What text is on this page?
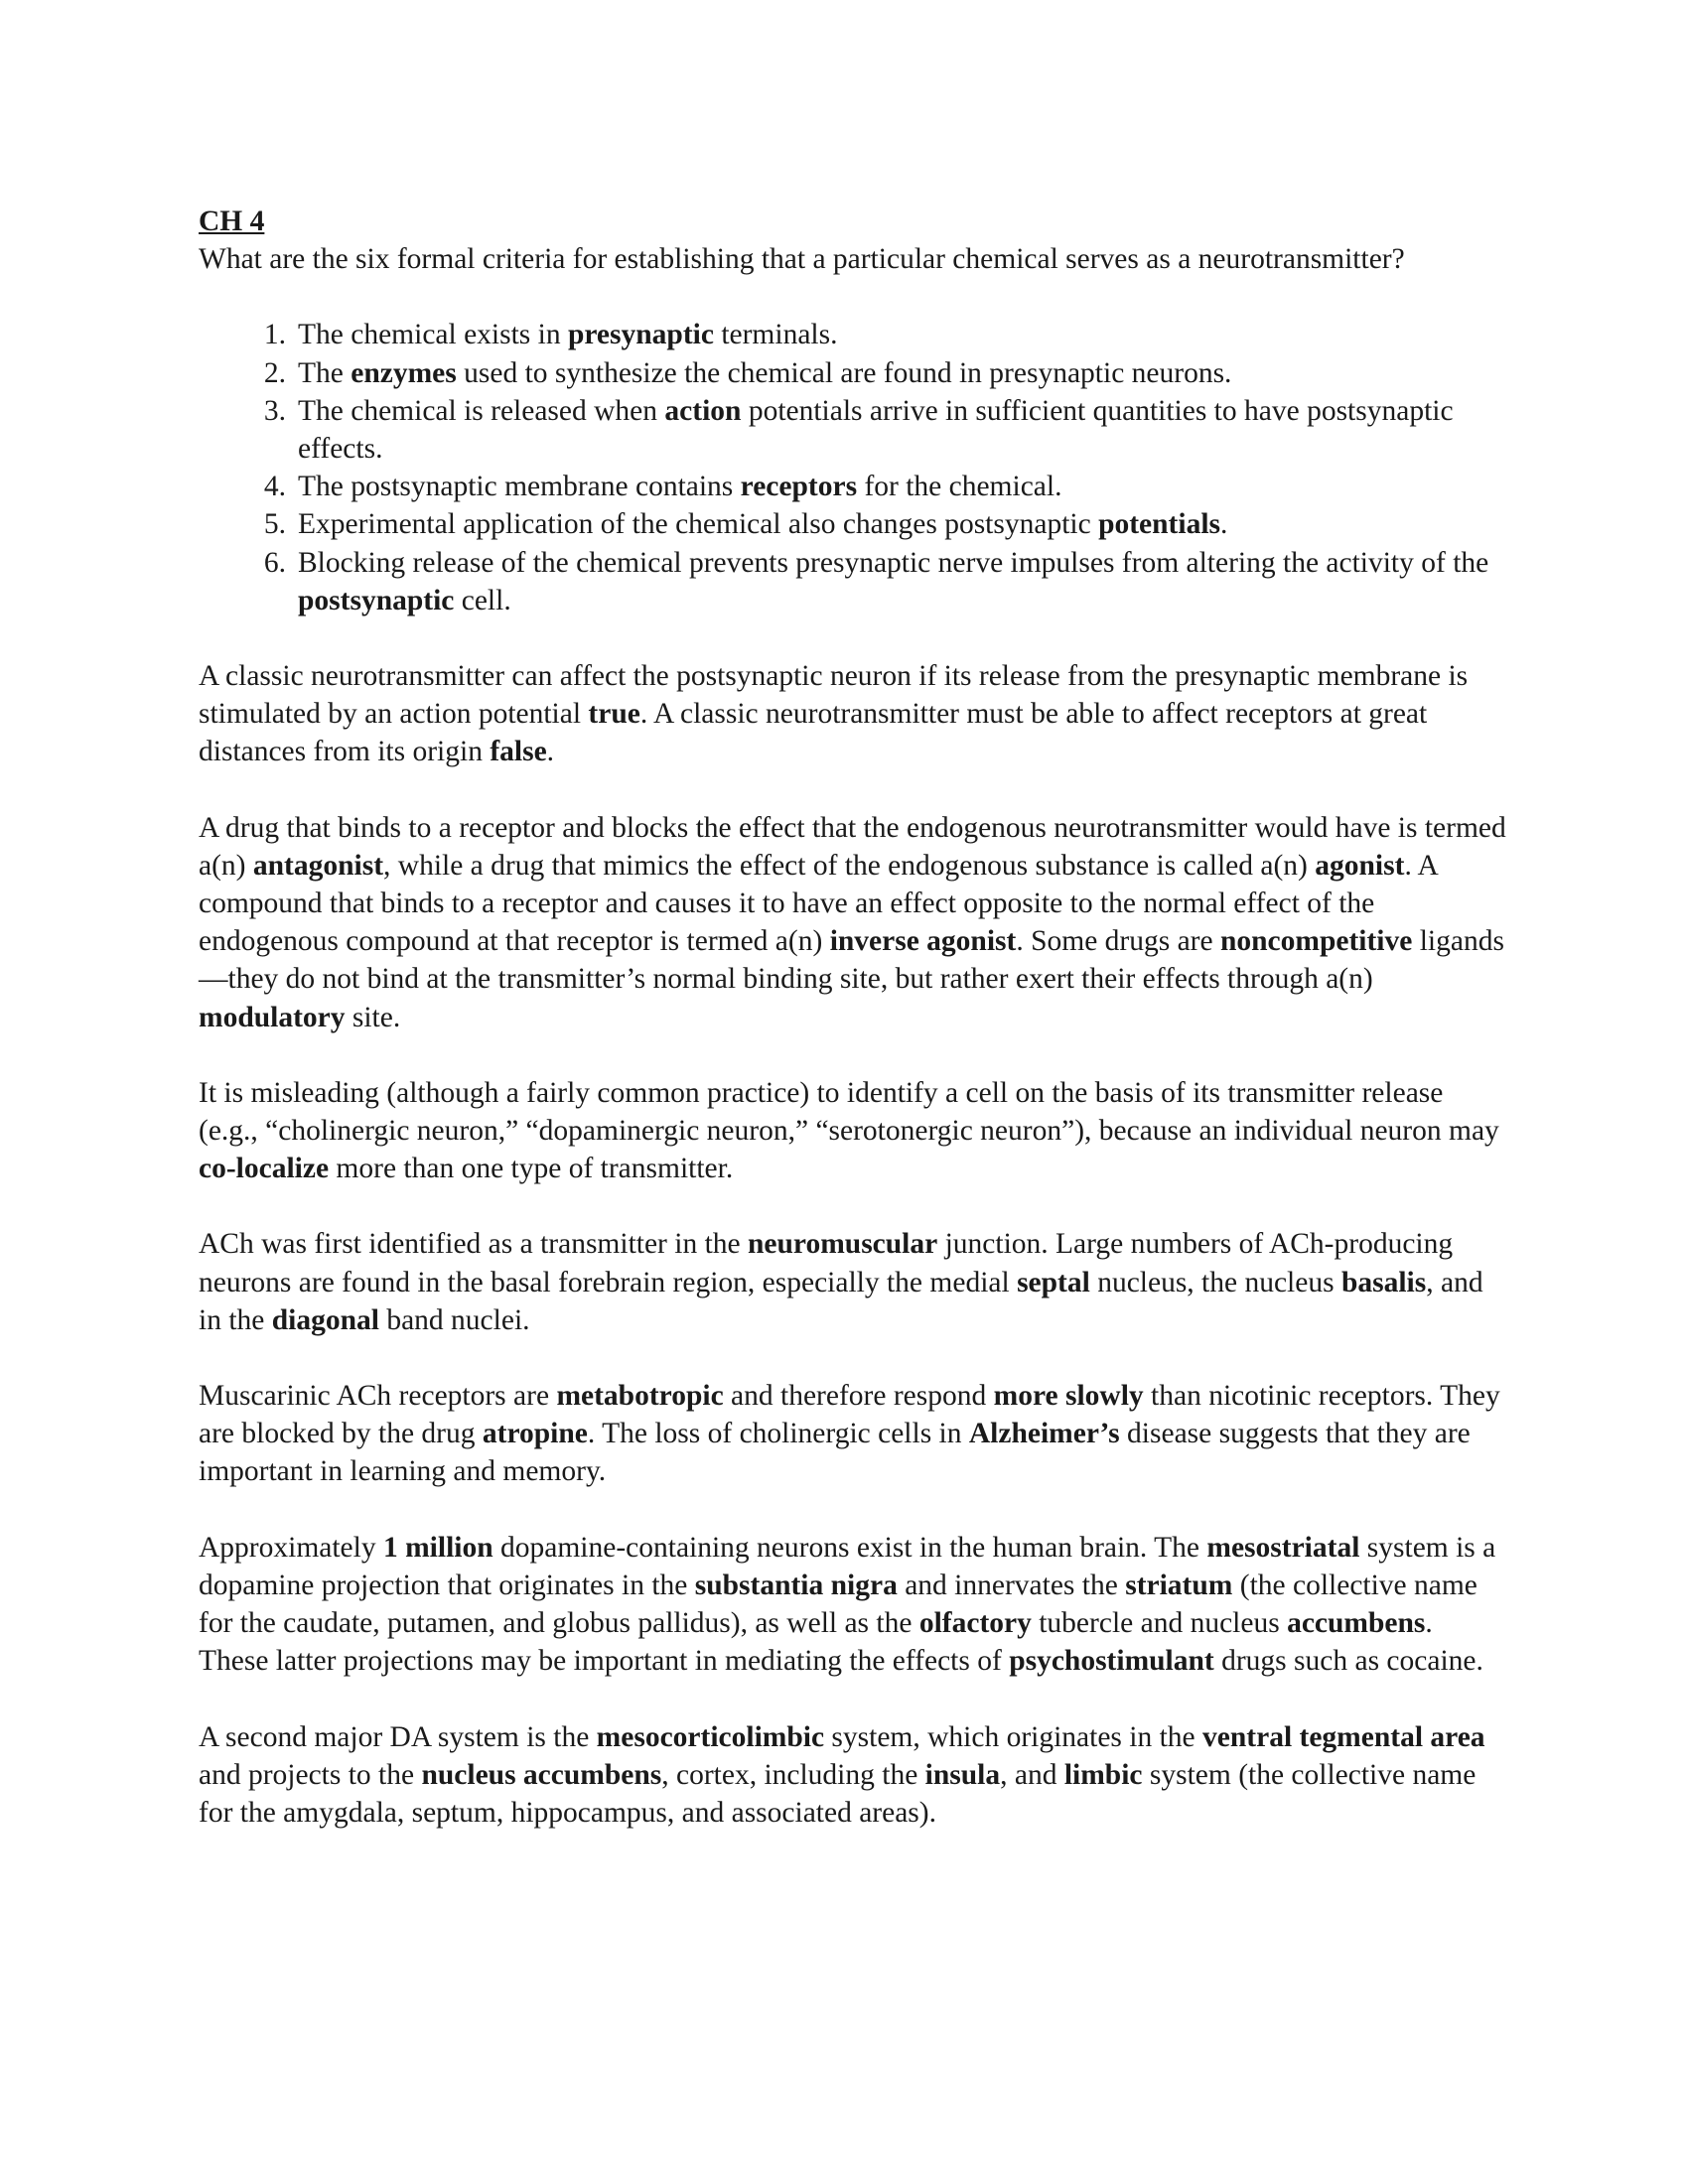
CH 4

What are the six formal criteria for establishing that a particular chemical serves as a neurotransmitter?

1. The chemical exists in presynaptic terminals.
2. The enzymes used to synthesize the chemical are found in presynaptic neurons.
3. The chemical is released when action potentials arrive in sufficient quantities to have postsynaptic effects.
4. The postsynaptic membrane contains receptors for the chemical.
5. Experimental application of the chemical also changes postsynaptic potentials.
6. Blocking release of the chemical prevents presynaptic nerve impulses from altering the activity of the postsynaptic cell.

A classic neurotransmitter can affect the postsynaptic neuron if its release from the presynaptic membrane is stimulated by an action potential true. A classic neurotransmitter must be able to affect receptors at great distances from its origin false.

A drug that binds to a receptor and blocks the effect that the endogenous neurotransmitter would have is termed a(n) antagonist, while a drug that mimics the effect of the endogenous substance is called a(n) agonist. A compound that binds to a receptor and causes it to have an effect opposite to the normal effect of the endogenous compound at that receptor is termed a(n) inverse agonist. Some drugs are noncompetitive ligands—they do not bind at the transmitter’s normal binding site, but rather exert their effects through a(n) modulatory site.

It is misleading (although a fairly common practice) to identify a cell on the basis of its transmitter release (e.g., “cholinergic neuron,” “dopaminergic neuron,” “serotonergic neuron”), because an individual neuron may co-localize more than one type of transmitter.

ACh was first identified as a transmitter in the neuromuscular junction. Large numbers of ACh-producing neurons are found in the basal forebrain region, especially the medial septal nucleus, the nucleus basalis, and in the diagonal band nuclei.

Muscarinic ACh receptors are metabotropic and therefore respond more slowly than nicotinic receptors. They are blocked by the drug atropine. The loss of cholinergic cells in Alzheimer’s disease suggests that they are important in learning and memory.

Approximately 1 million dopamine-containing neurons exist in the human brain. The mesostriatal system is a dopamine projection that originates in the substantia nigra and innervates the striatum (the collective name for the caudate, putamen, and globus pallidus), as well as the olfactory tubercle and nucleus accumbens. These latter projections may be important in mediating the effects of psychostimulant drugs such as cocaine.

A second major DA system is the mesocorticolimbic system, which originates in the ventral tegmental area and projects to the nucleus accumbens, cortex, including the insula, and limbic system (the collective name for the amygdala, septum, hippocampus, and associated areas).
